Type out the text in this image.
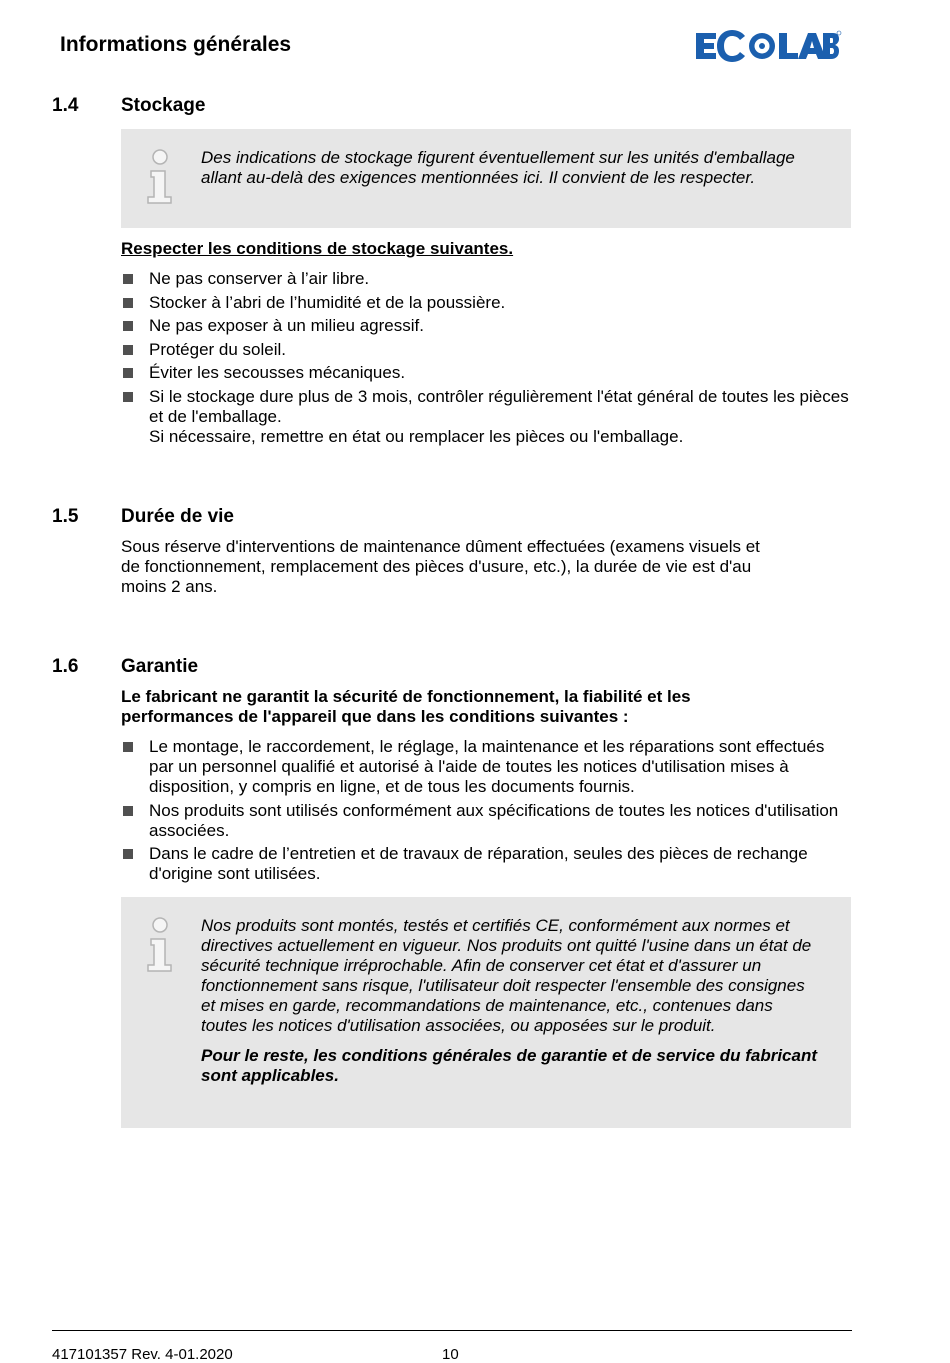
Informations générales
1.4 Stockage

Des indications de stockage figurent éventuellement sur les unités d'emballage allant au-delà des exigences mentionnées ici. Il convient de les respecter.

Respecter les conditions de stockage suivantes.
Ne pas conserver à l’air libre.
Stocker à l’abri de l’humidité et de la poussière.
Ne pas exposer à un milieu agressif.
Protéger du soleil.
Éviter les secousses mécaniques.
Si le stockage dure plus de 3 mois, contrôler régulièrement l'état général de toutes les pièces et de l'emballage.
Si nécessaire, remettre en état ou remplacer les pièces ou l'emballage.
1.5 Durée de vie
Sous réserve d'interventions de maintenance dûment effectuées (examens visuels et de fonctionnement, remplacement des pièces d'usure, etc.), la durée de vie est d'au moins 2 ans.
1.6 Garantie
Le fabricant ne garantit la sécurité de fonctionnement, la fiabilité et les performances de l'appareil que dans les conditions suivantes :
Le montage, le raccordement, le réglage, la maintenance et les réparations sont effectués par un personnel qualifié et autorisé à l'aide de toutes les notices d'utilisation mises à disposition, y compris en ligne, et de tous les documents fournis.
Nos produits sont utilisés conformément aux spécifications de toutes les notices d'utilisation associées.
Dans le cadre de l’entretien et de travaux de réparation, seules des pièces de rechange d'origine sont utilisées.

Nos produits sont montés, testés et certifiés CE, conformément aux normes et directives actuellement en vigueur. Nos produits ont quitté l'usine dans un état de sécurité technique irréprochable. Afin de conserver cet état et d'assurer un fonctionnement sans risque, l'utilisateur doit respecter l'ensemble des consignes et mises en garde, recommandations de maintenance, etc., contenues dans toutes les notices d'utilisation associées, ou apposées sur le produit.

Pour le reste, les conditions générales de garantie et de service du fabricant sont applicables.

417101357 Rev. 4-01.2020	10
